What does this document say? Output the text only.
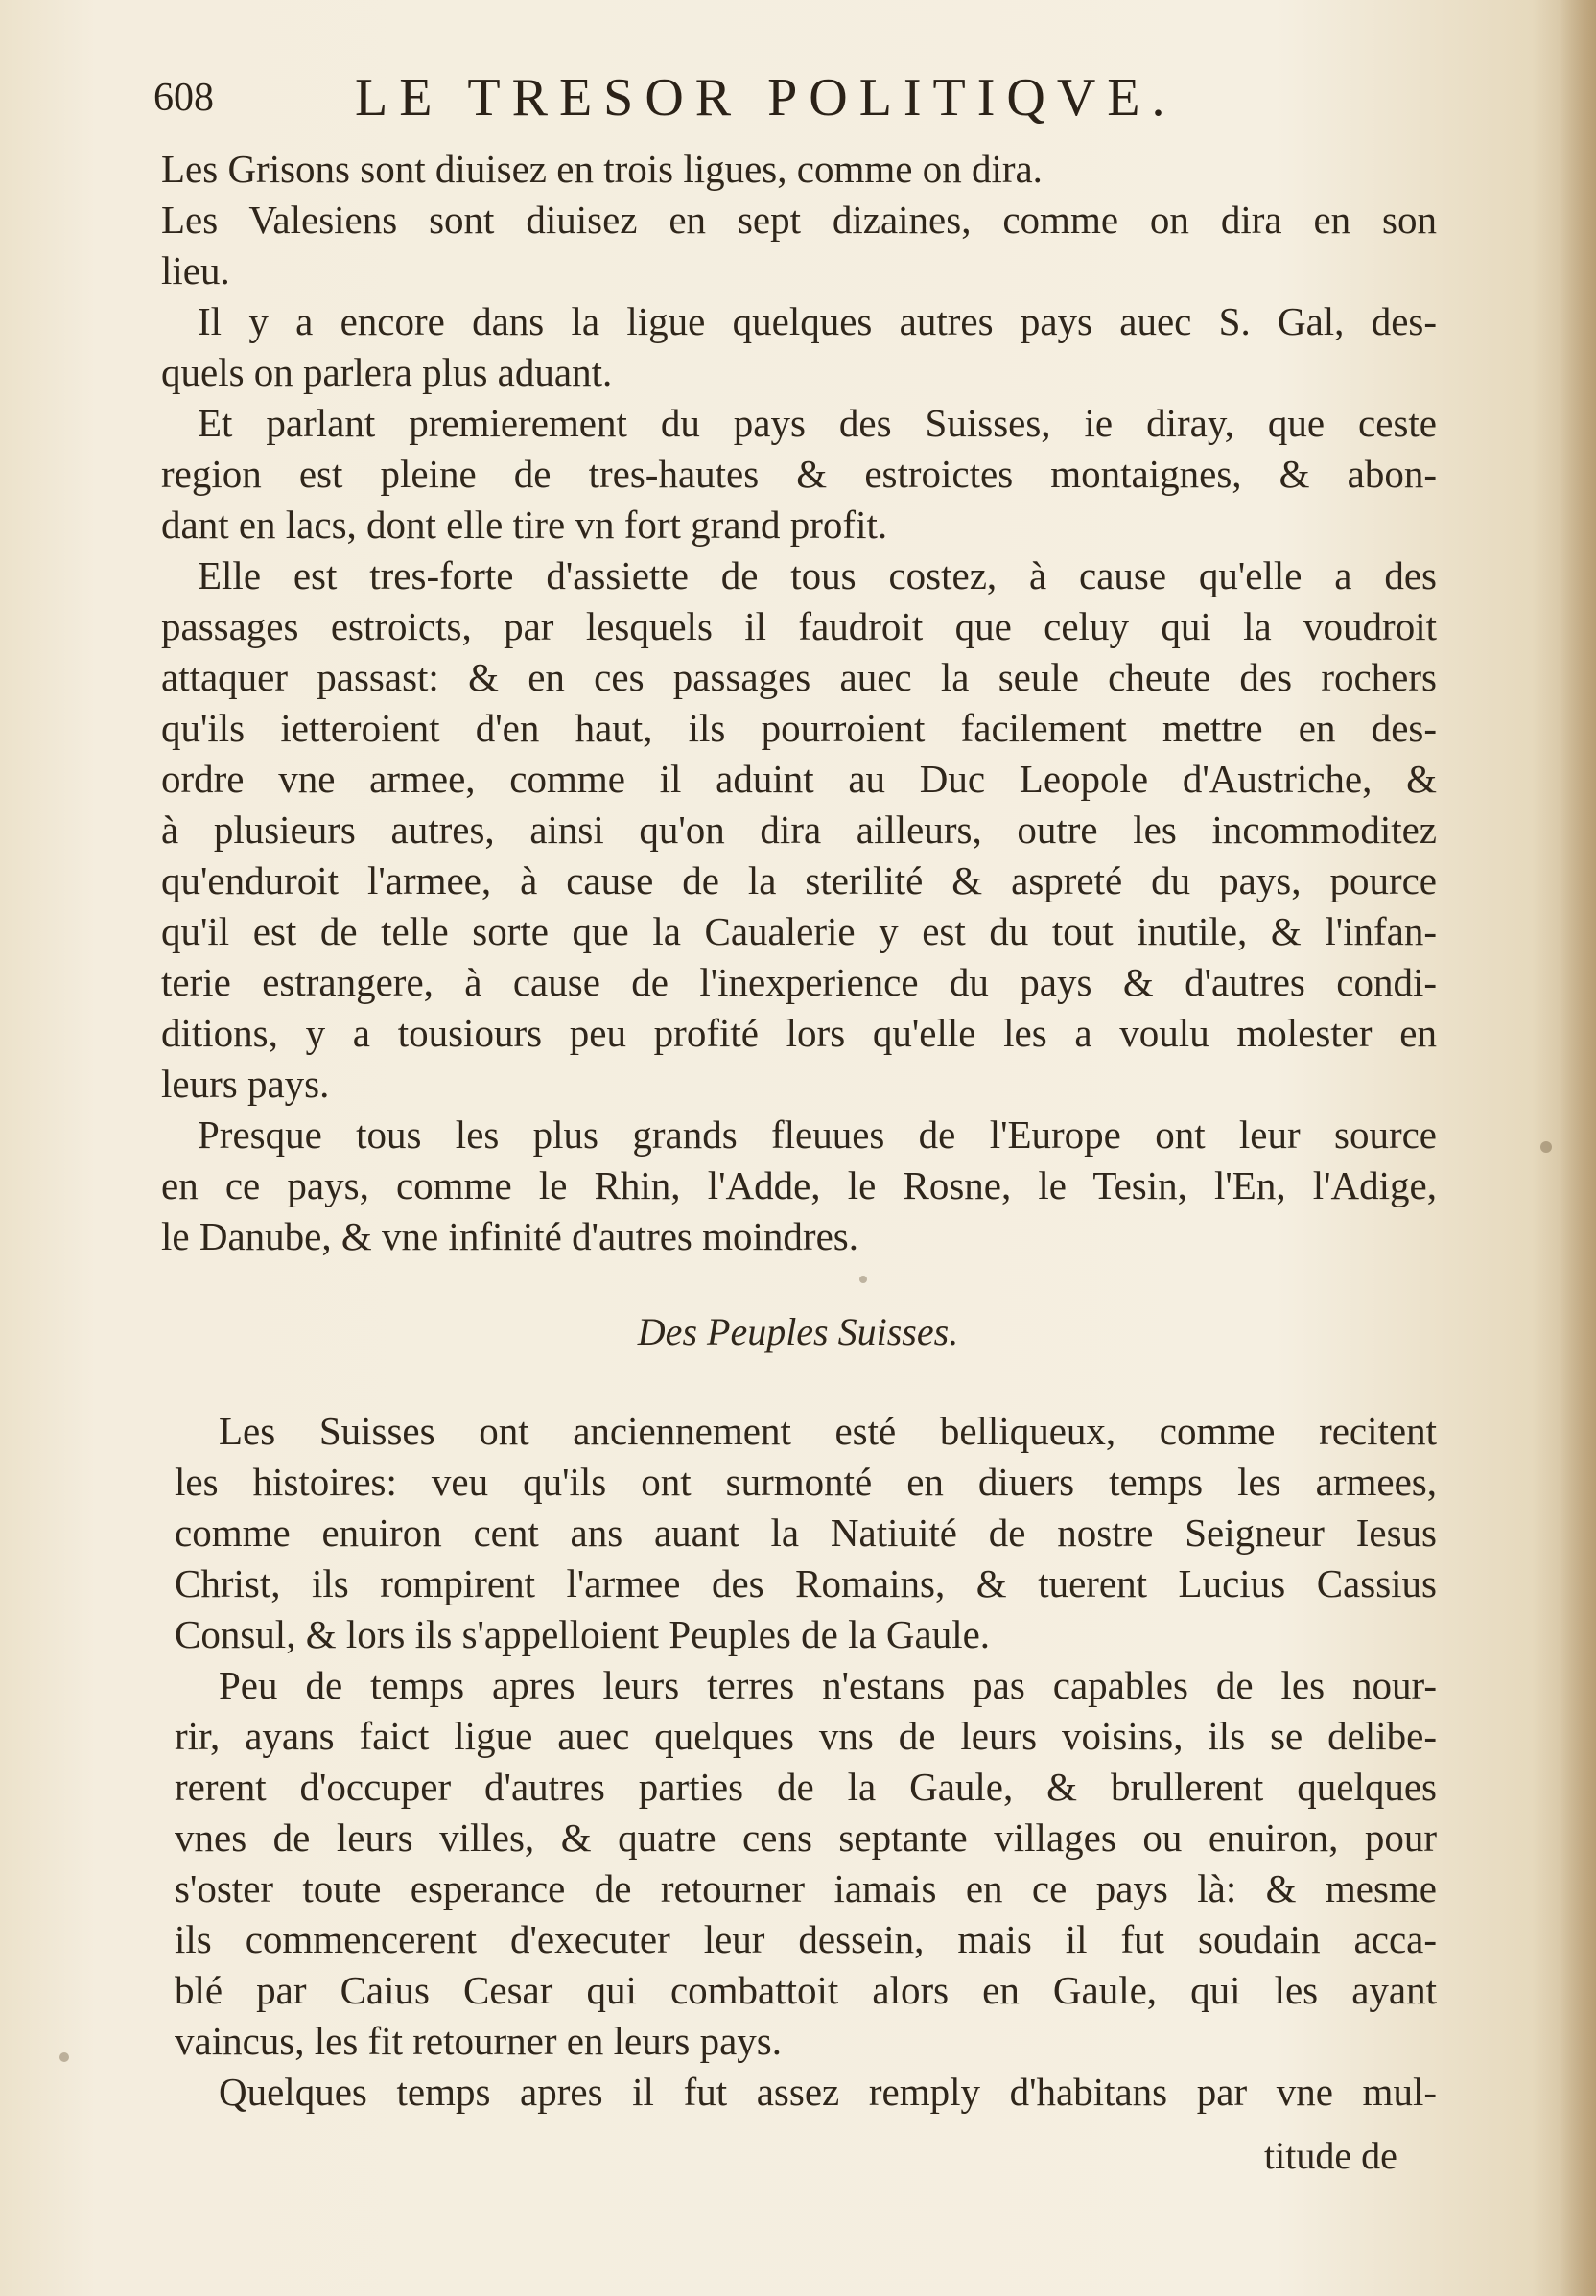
608	LE TRESOR POLITIQVE.
Les Grisons sont diuisez en trois ligues, comme on dira.
Les Valesiens sont diuisez en sept dizaines, comme on dira en son
lieu.
Il y a encore dans la ligue quelques autres pays auec S. Gal, des-
quels on parlera plus aduant.
Et parlant premierement du pays des Suisses, ie diray, que ceste
region est pleine de tres-hautes & estroictes montaignes, & abon-
dant en lacs, dont elle tire vn fort grand profit.
Elle est tres-forte d'assiette de tous costez, à cause qu'elle a des
passages estroicts, par lesquels il faudroit que celuy qui la voudroit
attaquer passast: & en ces passages auec la seule cheute des rochers
qu'ils ietteroient d'en haut, ils pourroient facilement mettre en des-
ordre vne armee, comme il aduint au Duc Leopole d'Austriche, &
à plusieurs autres, ainsi qu'on dira ailleurs, outre les incommoditez
qu'enduroit l'armee, à cause de la sterilité & aspreté du pays, pource
qu'il est de telle sorte que la Caualerie y est du tout inutile, & l'infan-
terie estrangere, à cause de l'inexperience du pays & d'autres condi-
ditions, y a tousiours peu profité lors qu'elle les a voulu molester en
leurs pays.
Presque tous les plus grands fleuues de l'Europe ont leur source
en ce pays, comme le Rhin, l'Adde, le Rosne, le Tesin, l'En, l'Adige,
le Danube, & vne infinité d'autres moindres.
Des Peuples Suisses.
Les Suisses ont anciennement esté belliqueux, comme recitent
les histoires: veu qu'ils ont surmonté en diuers temps les armees,
comme enuiron cent ans auant la Natiuité de nostre Seigneur Iesus
Christ, ils rompirent l'armee des Romains, & tuerent Lucius Cassius
Consul, & lors ils s'appelloient Peuples de la Gaule.
Peu de temps apres leurs terres n'estans pas capables de les nour-
rir, ayans faict ligue auec quelques vns de leurs voisins, ils se delibe-
rerent d'occuper d'autres parties de la Gaule, & brullerent quelques
vnes de leurs villes, & quatre cens septante villages ou enuiron, pour
s'oster toute esperance de retourner iamais en ce pays là: & mesme
ils commencerent d'executer leur dessein, mais il fut soudain acca-
blé par Caius Cesar qui combattoit alors en Gaule, qui les ayant
vaincus, les fit retourner en leurs pays.
Quelques temps apres il fut assez remply d'habitans par vne mul-
titude de
